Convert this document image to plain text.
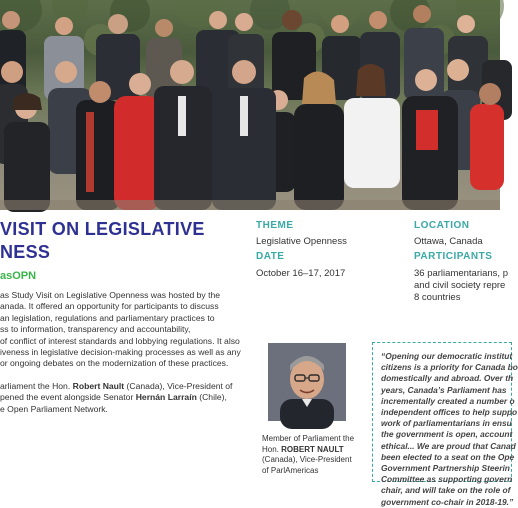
VISIT ON LEGISLATIVE
NESS
asOPN
THEME
Legislative Openness
DATE
October 16–17, 2017
LOCATION
Ottawa, Canada
PARTICIPANTS
36 parliamentarians, p
and civil society repre
8 countries

as Study Visit on Legislative Openness was hosted by the
anada. It offered an opportunity for participants to discuss
an legislation, regulations and parliamentary practices to
ss to information, transparency and accountability,
of conflict of interest standards and lobbying regulations. It also
iveness in legislative decision-making processes as well as any
or ongoing debates on the modernization of these practices.

arliament the Hon. Robert Nault (Canada), Vice-President of
pened the event alongside Senator Hernán Larraín (Chile),
e Open Parliament Network.

Member of Parliament the
Hon. ROBERT NAULT
(Canada), Vice-President
of ParlAmericas
“Opening our democratic institut
citizens is a priority for Canada bo
domestically and abroad. Over th
years, Canada’s Parliament has
incrementally created a number o
independent offices to help suppo
work of parliamentarians in ensu
the government is open, account
ethical... We are proud that Canad
been elected to a seat on the Ope
Government Partnership Steerin
Committee as supporting govern
chair, and will take on the role of
government co-chair in 2018-19.”
